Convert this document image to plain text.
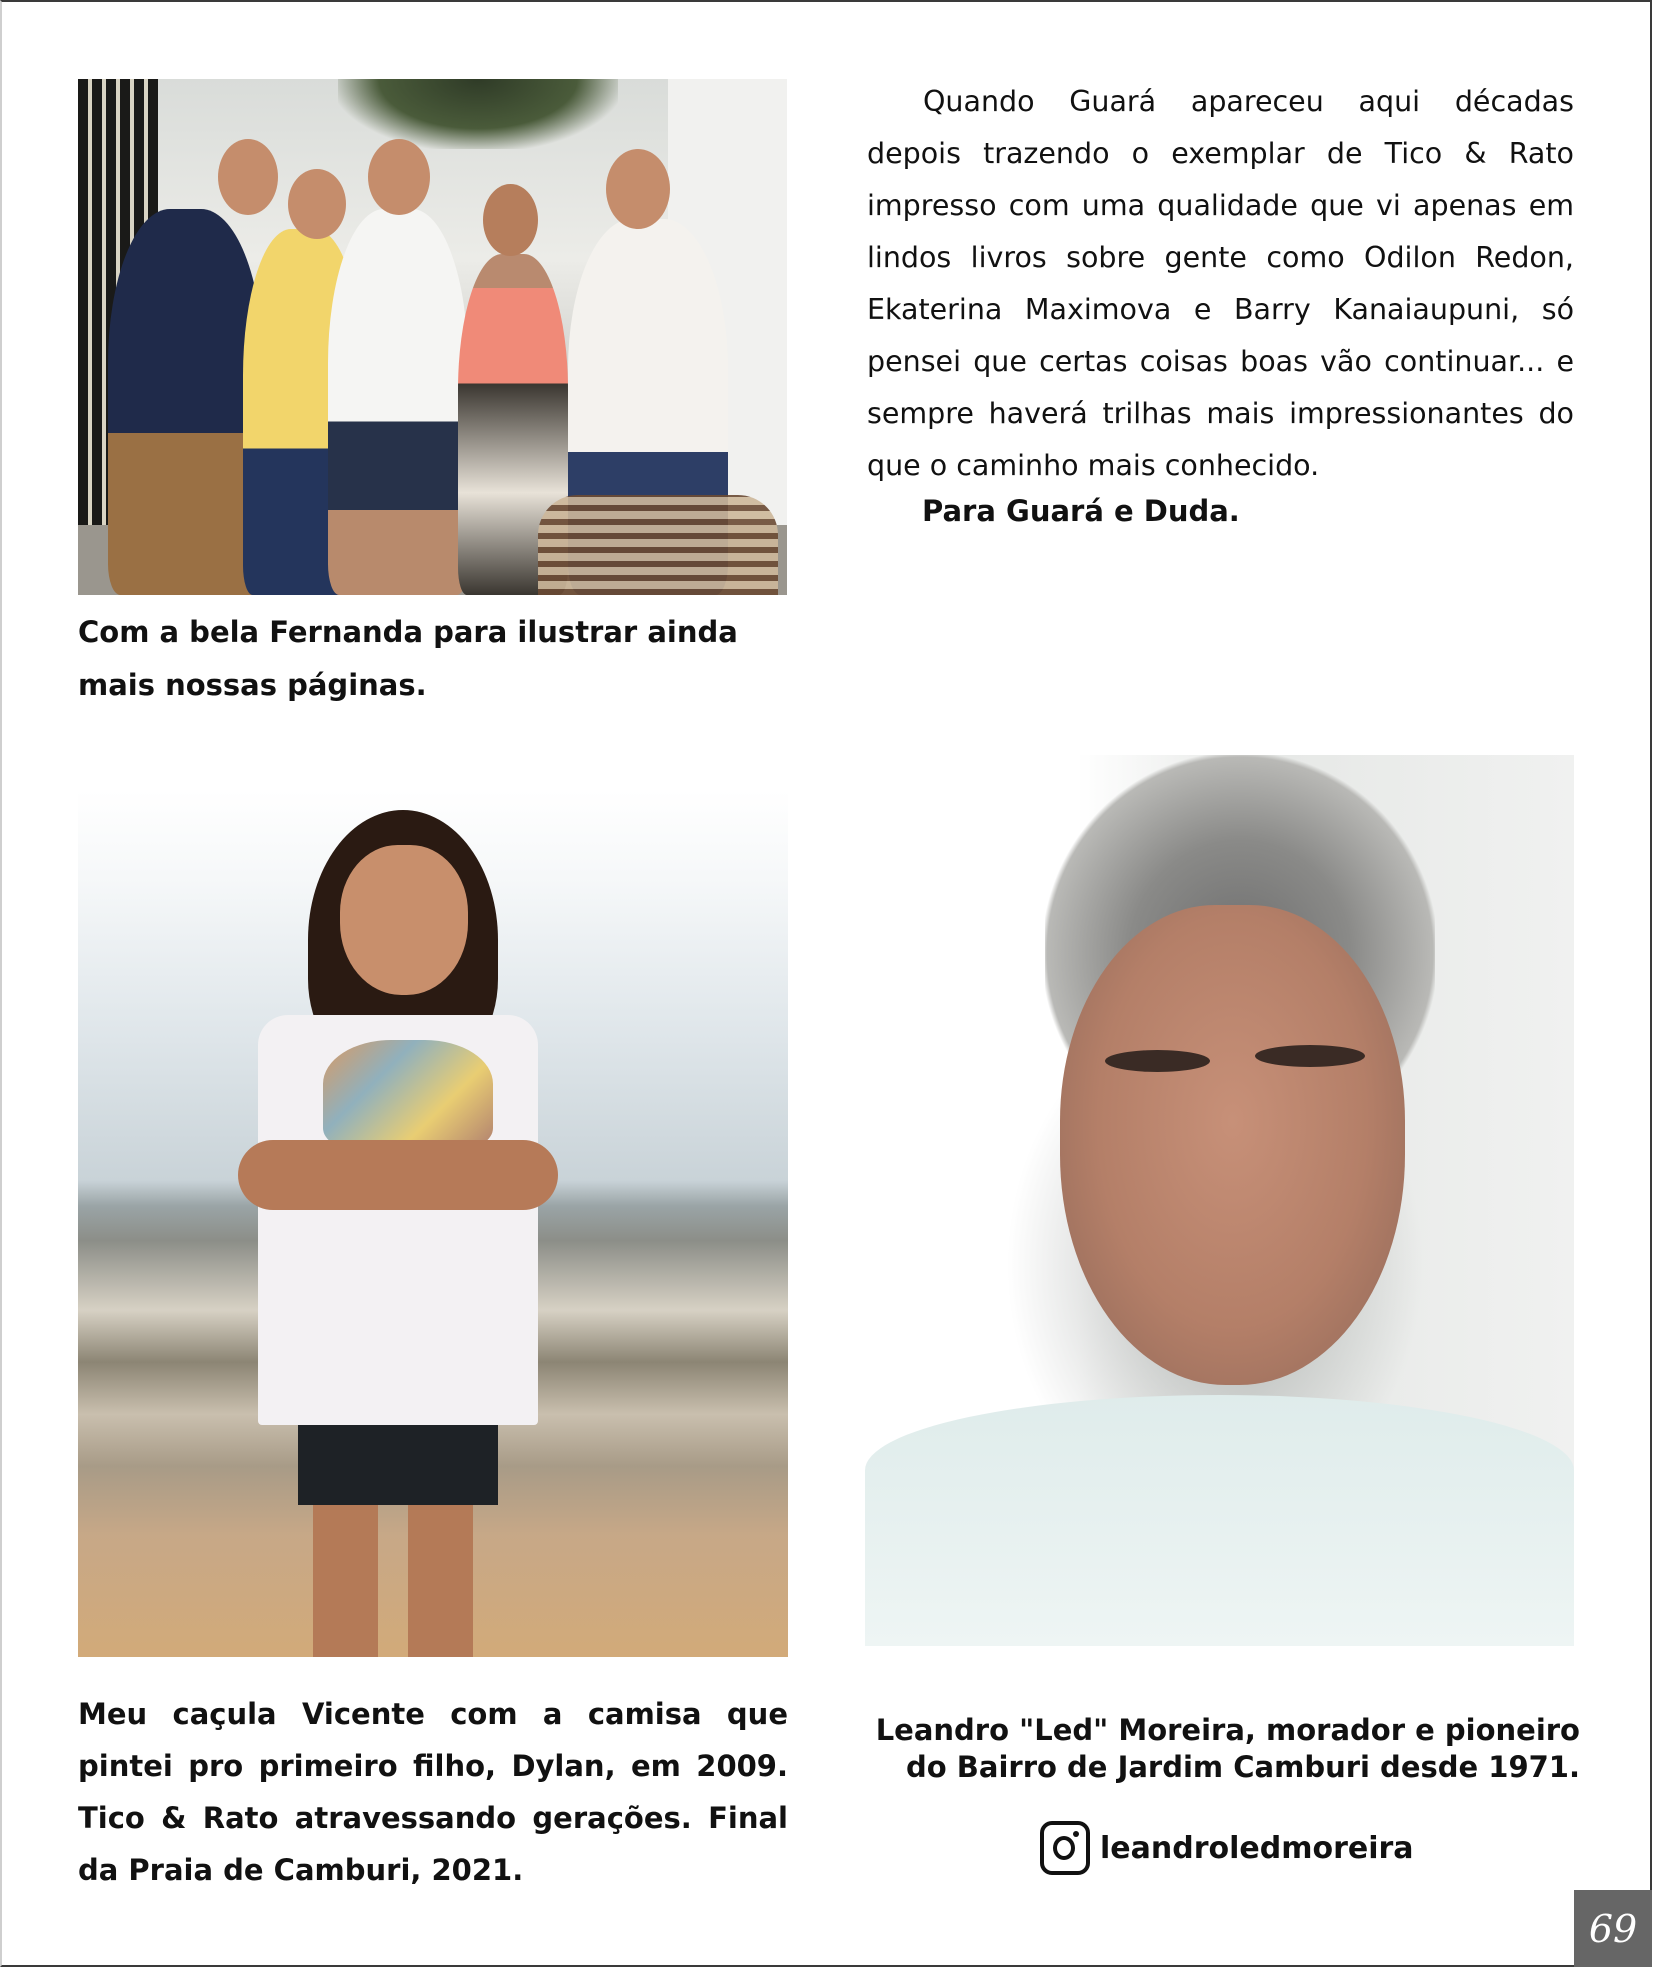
Com a bela Fernanda para ilustrar ainda mais nossas páginas.

Quando Guará apareceu aqui décadas depois trazendo o exemplar de Tico & Rato impresso com uma qualidade que vi apenas em lindos livros sobre gente como Odilon Redon, Ekaterina Maximova e Barry Kanaiaupuni, só pensei que certas coisas boas vão continuar... e sempre haverá trilhas mais impressionantes do que o caminho mais conhecido.

Para Guará e Duda.
Meu caçula Vicente com a camisa que pintei pro primeiro filho, Dylan, em 2009. Tico & Rato atravessando gerações. Final da Praia de Camburi, 2021.
Leandro "Led" Moreira, morador e pioneiro
do Bairro de Jardim Camburi desde 1971.
leandroledmoreira
69
